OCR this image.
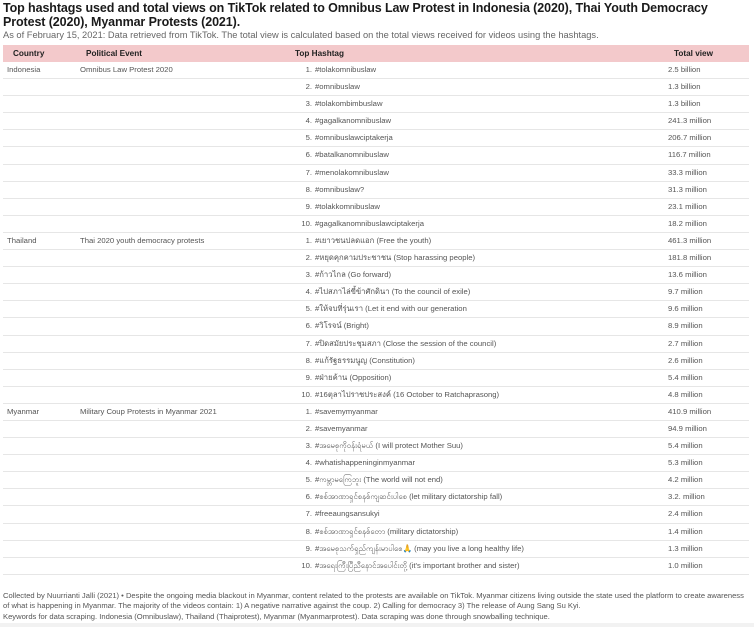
Top hashtags used and total views on TikTok related to Omnibus Law Protest in Indonesia (2020), Thai Youth Democracy Protest (2020), Myanmar Protests (2021).
As of February 15, 2021: Data retrieved from TikTok. The total view is calculated based on the total views received for videos using the hashtags.
Country	Political Event	Top Hashtag	Total view
Indonesia	Omnibus Law Protest 2020	1. #tolakomnibuslaw	2.5 billion
2. #omnibuslaw	1.3 billion
3. #tolakombimbuslaw	1.3 billion
4. #gagalkanomnibuslaw	241.3 million
5. #omnibuslawciptakerja	206.7 million
6. #batalkanomnibuslaw	116.7 million
7. #menolakomnibuslaw	33.3 million
8. #omnibuslaw?	31.3 million
9. #tolakkomnibuslaw	23.1 million
10. #gagalkanomnibuslawciptakerja	18.2 million
Thailand	Thai 2020 youth democracy protests	1. #เยาวชนปลดแอก (Free the youth)	461.3 million
2. #หยุดคุกคามประชาชน (Stop harassing people)	181.8 million
3. #ก้าวไกล (Go forward)	13.6 million
4. #ไปสภาไล่ขี้ข้าศักดินา (To the council of exile)	9.7 million
5. #ให้จบที่รุ่นเรา (Let it end with our generation	9.6 million
6. #วิโรจน์ (Bright)	8.9 million
7. #ปิดสมัยประชุมสภา (Close the session of the council)	2.7 million
8. #แก้รัฐธรรมนูญ (Constitution)	2.6 million
9. #ฝ่ายค้าน (Opposition)	5.4 million
10. #16ตุลาไปราชประสงค์ (16 October to Ratchaprasong)	4.8 million
Myanmar	Military Coup Protests in Myanmar 2021	1. #savemymyanmar	410.9 million
2. #savemyanmar	94.9 million
3. #အမေစုကိုဝန်းရံမယ် (I will protect Mother Suu)	5.4 million
4. #whatishappeninginmyanmar	5.3 million
5. #ကမ္ဘာမကြေဘူး (The world will not end)	4.2 million
6. #စစ်အာဏာရှင်စနစ်ကျဆင်းပါစေ (let military dictatorship fall)	3.2. million
7. #freeaungsansukyi	2.4 million
8. #စစ်အာဏာရှင်စနစ်တော (military dictatorship)	1.4 million
9. #အမေစုသက်ရှည်ကျန်းမာပါစေ🙏 (may you live a long healthy life)	1.3 million
10. #အရေးကြီးပြီညီနောင်အပေါင်းတို့ (it's important brother and sister)	1.0 million

Collected by Nuurrianti Jalli (2021) • Despite the ongoing media blackout in Myanmar, content related to the protests are available on TikTok. Myanmar citizens living outside the state used the platform to create awareness of what is happening in Myanmar. The majority of the videos contain: 1) A negative narrative against the coup. 2) Calling for democracy 3) The release of Aung Sang Su Kyi.

Keywords for data scraping. Indonesia (Omnibuslaw), Thailand (Thaiprotest), Myanmar (Myanmarprotest). Data scraping was done through snowballing technique.
